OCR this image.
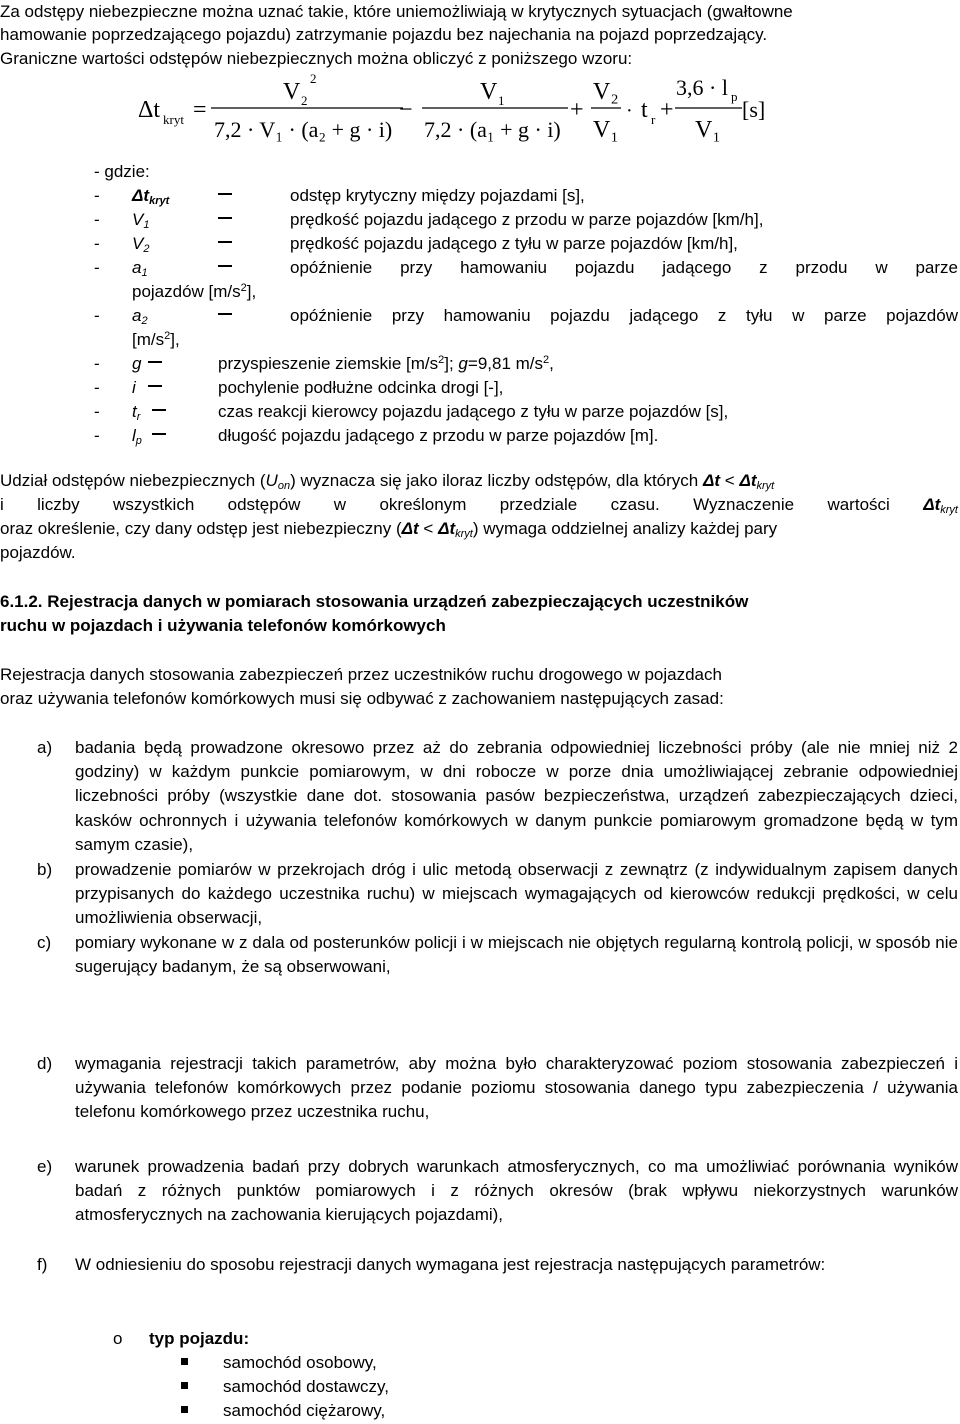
Za odstępy niebezpieczne można uznać takie, które uniemożliwiają w krytycznych sytuacjach (gwałtowne
hamowanie poprzedzającego pojazdu) zatrzymanie pojazdu bez najechania na pojazd poprzedzający.
Graniczne wartości odstępów niebezpiecznych można obliczyć z poniższego wzoru:
Δt kryt =
V 2
2
7,2 · V₁ · (a₂ + g · i)
−
V 1
7,2 · (a₁ + g · i)
+
V₂
V₁
· t r +
3,6 · l p
V₁
[s]
- gdzie:
- $\Delta t_{kryt}$	odstęp krytyczny między pojazdami [s],
- $V_1$	prędkość pojazdu jadącego z przodu w parze pojazdów [km/h],
- $V_2$	prędkość pojazdu jadącego z tyłu w parze pojazdów [km/h],
- $a_1$	opóźnienie przy hamowaniu pojazdu jadącego z przodu w parze
pojazdów $[m/s^2]$,
- $a_2$	opóźnienie przy hamowaniu pojazdu jadącego z tyłu w parze pojazdów
$[m/s^2]$,
- g	przyspieszenie ziemskie $[m/s^2]$; g=9,81 $m/s^2$,
- i	pochylenie podłużne odcinka drogi [-],
- $t_r$	czas reakcji kierowcy pojazdu jadącego z tyłu w parze pojazdów [s],
- $l_p$	długość pojazdu jadącego z przodu w parze pojazdów [m].
Udział odstępów niebezpiecznych $(U_{on})$ wyznacza się jako iloraz liczby odstępów, dla których $\Delta t < \Delta t_{kryt}$
i liczby wszystkich odstępów w określonym przedziale czasu. Wyznaczenie wartości $\Delta t_{kryt}$
oraz określenie, czy dany odstęp jest niebezpieczny $(\Delta t < \Delta t_{kryt})$ wymaga oddzielnej analizy każdej pary
pojazdów.
6.1.2. Rejestracja danych w pomiarach stosowania urządzeń zabezpieczających uczestników
ruchu w pojazdach i używania telefonów komórkowych
Rejestracja danych stosowania zabezpieczeń przez uczestników ruchu drogowego w pojazdach
oraz używania telefonów komórkowych musi się odbywać z zachowaniem następujących zasad:
a) badania będą prowadzone okresowo przez aż do zebrania odpowiedniej liczebności próby (ale nie mniej niż 2 godziny) w każdym punkcie pomiarowym, w dni robocze w porze dnia umożliwiającej zebranie odpowiedniej liczebności próby (wszystkie dane dot. stosowania pasów bezpieczeństwa, urządzeń zabezpieczających dzieci, kasków ochronnych i używania telefonów komórkowych w danym punkcie pomiarowym gromadzone będą w tym samym czasie),
b) prowadzenie pomiarów w przekrojach dróg i ulic metodą obserwacji z zewnątrz (z indywidualnym zapisem danych przypisanych do każdego uczestnika ruchu) w miejscach wymagających od kierowców redukcji prędkości, w celu umożliwienia obserwacji,
c) pomiary wykonane w z dala od posterunków policji i w miejscach nie objętych regularną kontrolą policji, w sposób nie sugerujący badanym, że są obserwowani,
d) wymagania rejestracji takich parametrów, aby można było charakteryzować poziom stosowania zabezpieczeń i używania telefonów komórkowych przez podanie poziomu stosowania danego typu zabezpieczenia / używania telefonu komórkowego przez uczestnika ruchu,
e) warunek prowadzenia badań przy dobrych warunkach atmosferycznych, co ma umożliwiać porównania wyników badań z różnych punktów pomiarowych i z różnych okresów (brak wpływu niekorzystnych warunków atmosferycznych na zachowania kierujących pojazdami),
f) W odniesieniu do sposobu rejestracji danych wymagana jest rejestracja następujących parametrów:
o typ pojazdu:
samochód osobowy,
samochód dostawczy,
samochód ciężarowy,
